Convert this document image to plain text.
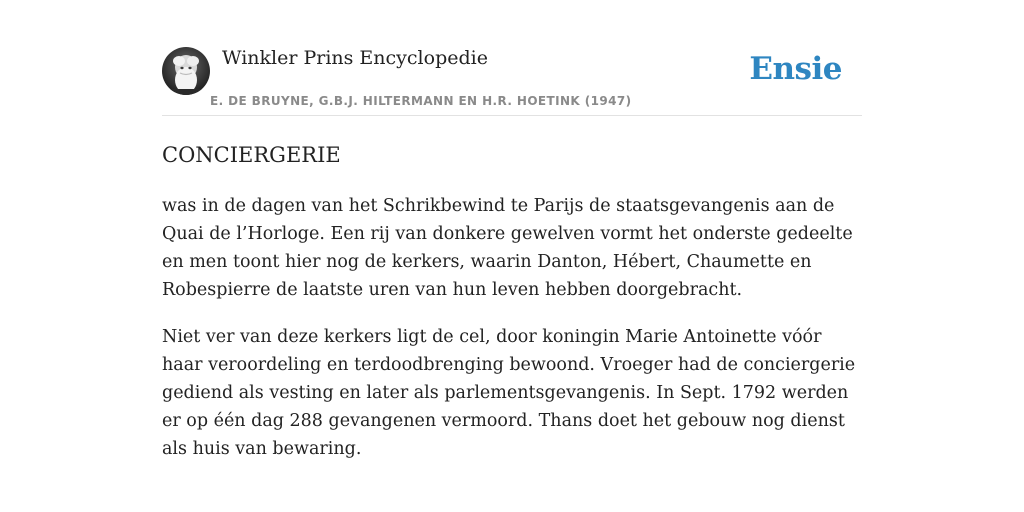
Winkler Prins Encyclopedie
E. DE BRUYNE, G.B.J. HILTERMANN EN H.R. HOETINK (1947)
Ensie
CONCIERGERIE

was in de dagen van het Schrikbewind te Parijs de staatsgevangenis aan de Quai de l’Horloge. Een rij van donkere gewelven vormt het onderste gedeelte en men toont hier nog de kerkers, waarin Danton, Hébert, Chaumette en Robespierre de laatste uren van hun leven hebben doorgebracht.

Niet ver van deze kerkers ligt de cel, door koningin Marie Antoinette vóór haar veroordeling en terdoodbrenging bewoond. Vroeger had de conciergerie gediend als vesting en later als parlementsgevangenis. In Sept. 1792 werden er op één dag 288 gevangenen vermoord. Thans doet het gebouw nog dienst als huis van bewaring.
